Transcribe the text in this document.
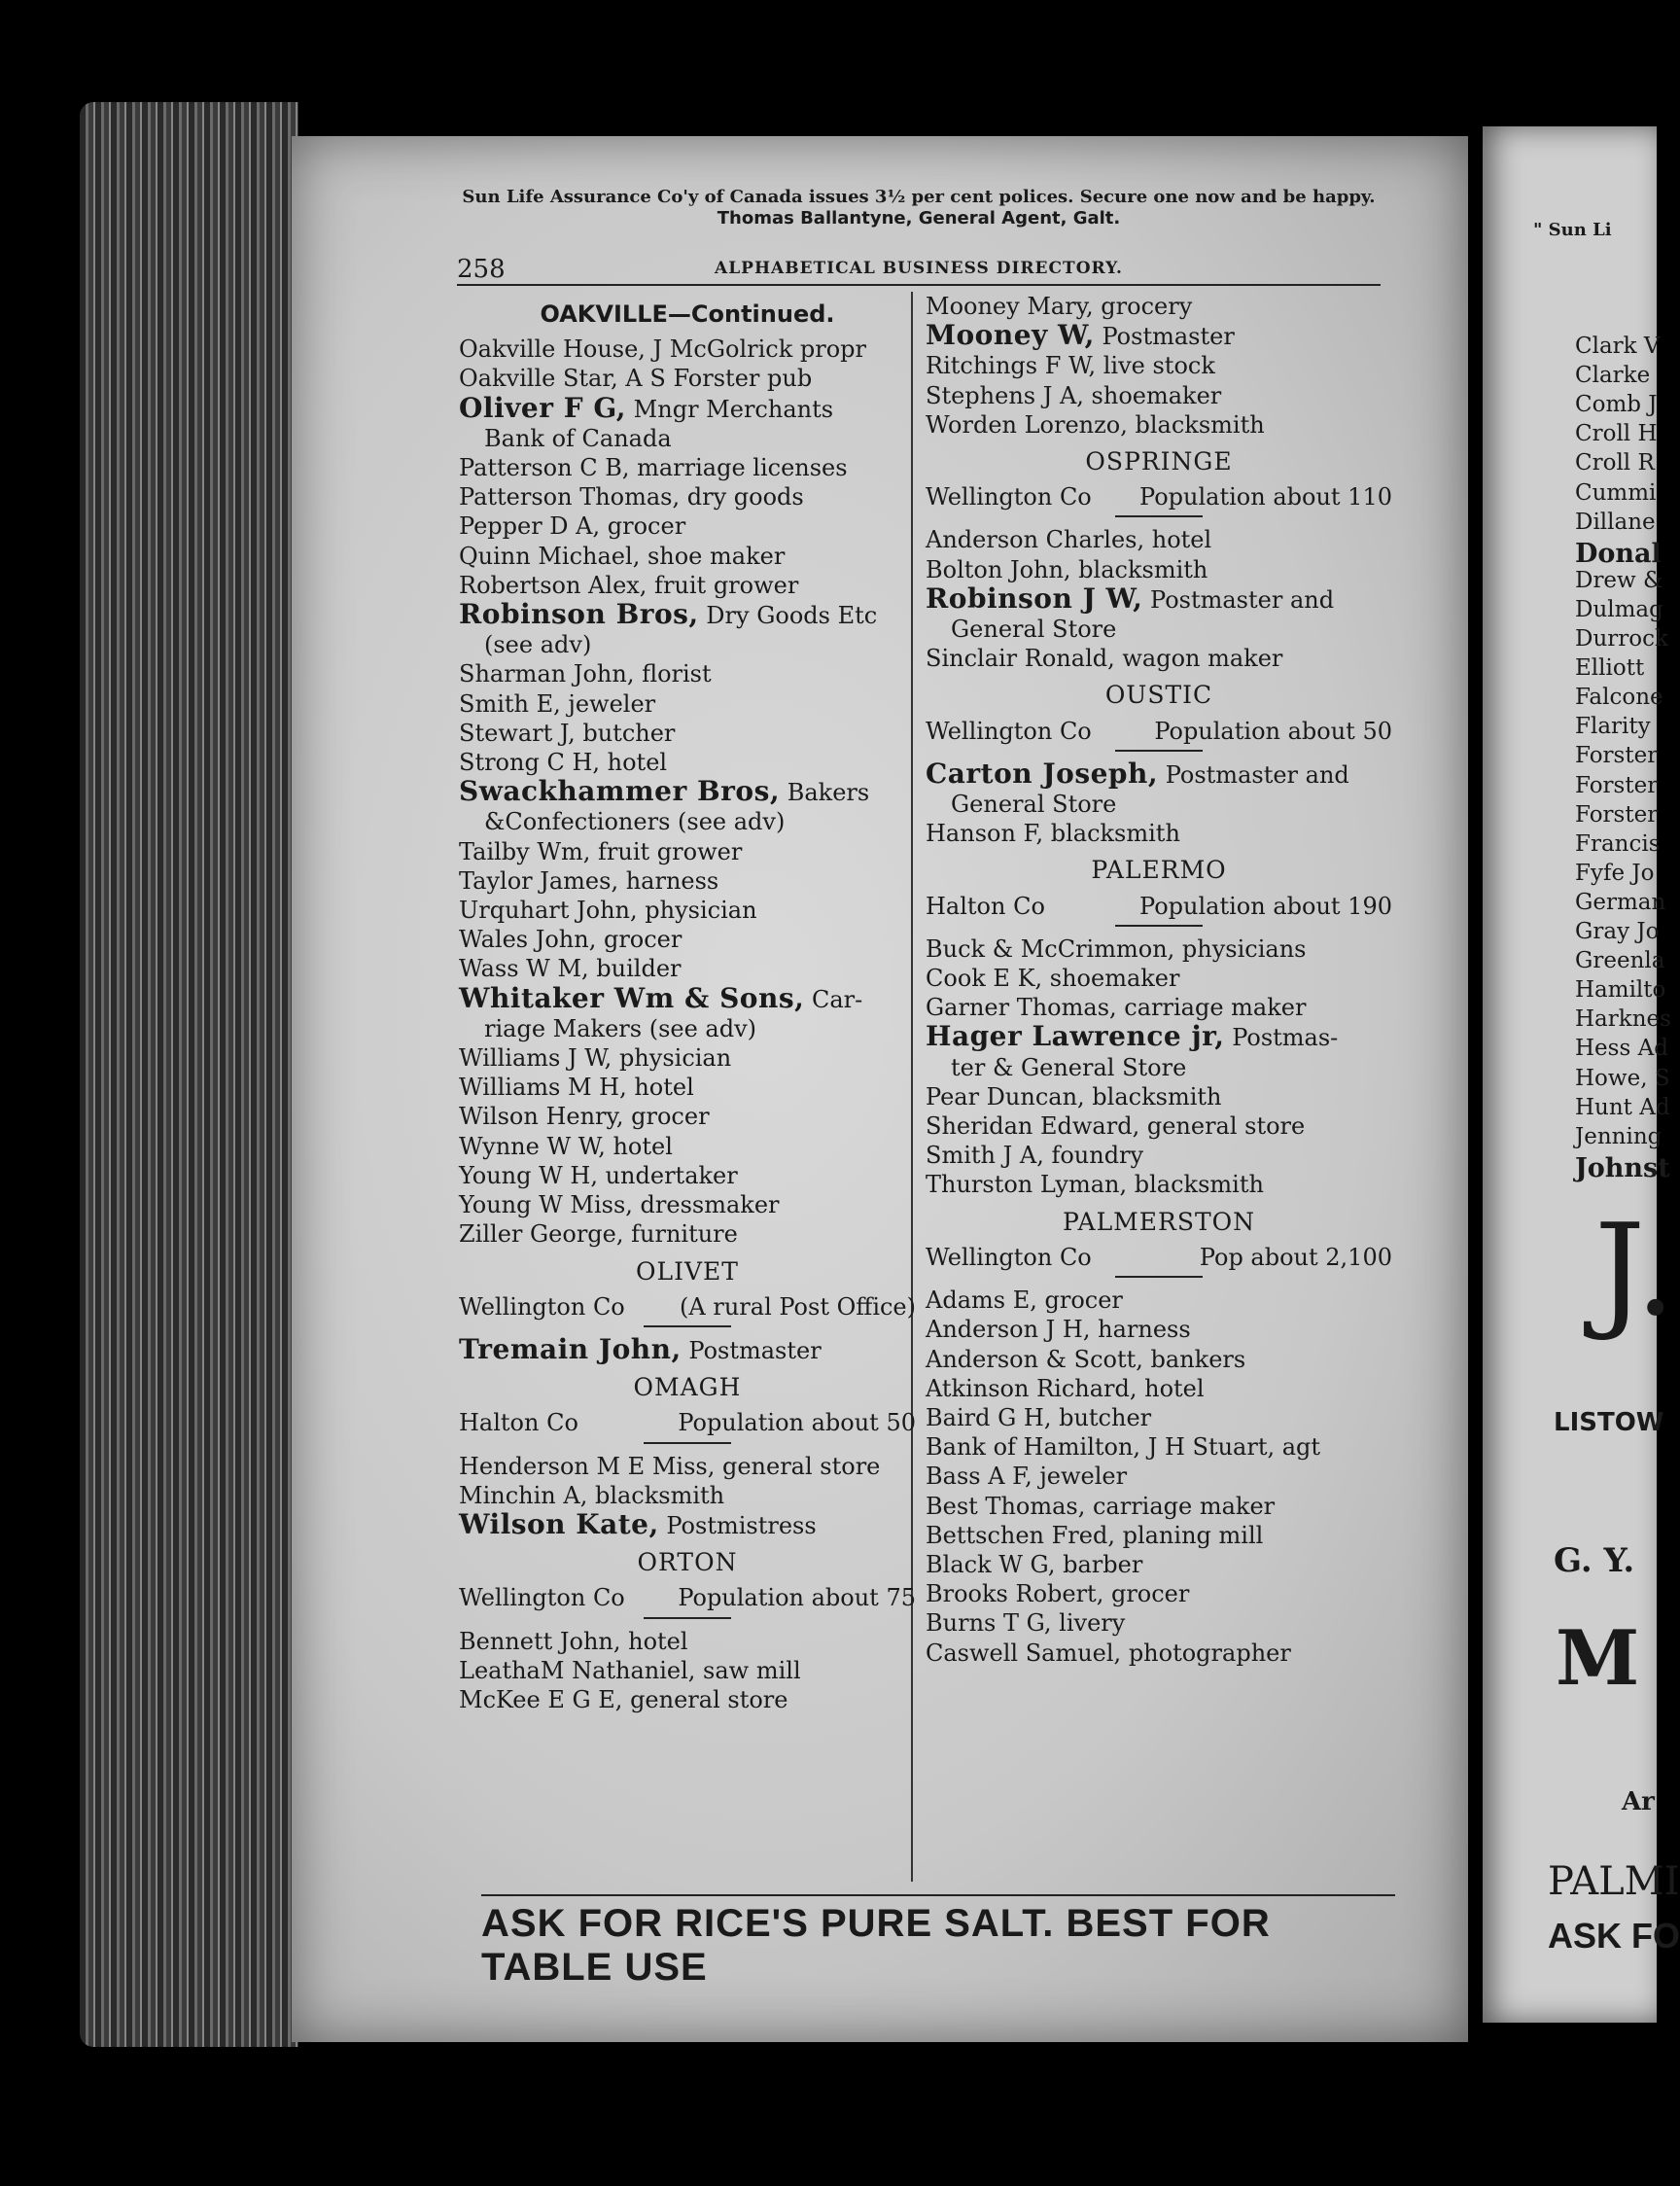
Sun Life Assurance Co'y of Canada issues 3½ per cent polices. Secure one now and be happy.
Thomas Ballantyne, General Agent, Galt.
258	ALPHABETICAL BUSINESS DIRECTORY.
OAKVILLE—Continued.
Oakville House, J McGolrick propr
Oakville Star, A S Forster pub
Oliver F G, Mngr Merchants
Bank of Canada
Patterson C B, marriage licenses
Patterson Thomas, dry goods
Pepper D A, grocer
Quinn Michael, shoe maker
Robertson Alex, fruit grower
Robinson Bros, Dry Goods Etc
(see adv)
Sharman John, florist
Smith E, jeweler
Stewart J, butcher
Strong C H, hotel
Swackhammer Bros, Bakers
&Confectioners (see adv)
Tailby Wm, fruit grower
Taylor James, harness
Urquhart John, physician
Wales John, grocer
Wass W M, builder
Whitaker Wm & Sons, Car-
riage Makers (see adv)
Williams J W, physician
Williams M H, hotel
Wilson Henry, grocer
Wynne W W, hotel
Young W H, undertaker
Young W Miss, dressmaker
Ziller George, furniture
OLIVET
Wellington Co (A rural Post Office)
Tremain John, Postmaster
OMAGH
Halton Co	Population about 50
Henderson M E Miss, general store
Minchin A, blacksmith
Wilson Kate, Postmistress
ORTON
Wellington Co Population about 75
Bennett John, hotel
LeathaM Nathaniel, saw mill
McKee E G E, general store
Mooney Mary, grocery
Mooney W, Postmaster
Ritchings F W, live stock
Stephens J A, shoemaker
Worden Lorenzo, blacksmith
OSPRINGE
Wellington Co Population about 110
Anderson Charles, hotel
Bolton John, blacksmith
Robinson J W, Postmaster and
General Store
Sinclair Ronald, wagon maker
OUSTIC
Wellington Co	Population about 50
Carton Joseph, Postmaster and
General Store
Hanson F, blacksmith
PALERMO
Halton Co	Population about 190
Buck & McCrimmon, physicians
Cook E K, shoemaker
Garner Thomas, carriage maker
Hager Lawrence jr, Postmas-
ter & General Store
Pear Duncan, blacksmith
Sheridan Edward, general store
Smith J A, foundry
Thurston Lyman, blacksmith
PALMERSTON
Wellington Co	Pop about 2,100
Adams E, grocer
Anderson J H, harness
Anderson & Scott, bankers
Atkinson Richard, hotel
Baird G H, butcher
Bank of Hamilton, J H Stuart, agt
Bass A F, jeweler
Best Thomas, carriage maker
Bettschen Fred, planing mill
Black W G, barber
Brooks Robert, grocer
Burns T G, livery
Caswell Samuel, photographer
ASK FOR RICE'S PURE SALT. BEST FOR TABLE USE
" Sun Li
Clark V
Clarke
Comb J
Croll H
Croll R
Cummi
Dillane
Donal
Drew &
Dulmag
Durrock
Elliott
Falcone
Flarity
Forster
Forster
Forster
Francis
Fyfe Jo
German
Gray Jo
Greenla
Hamilto
Harknes
Hess Ad
Howe, S
Hunt Ad
Jenning
Johnst
J.
LISTOW
G. Y.
M
Ar
PALMI
ASK FO
